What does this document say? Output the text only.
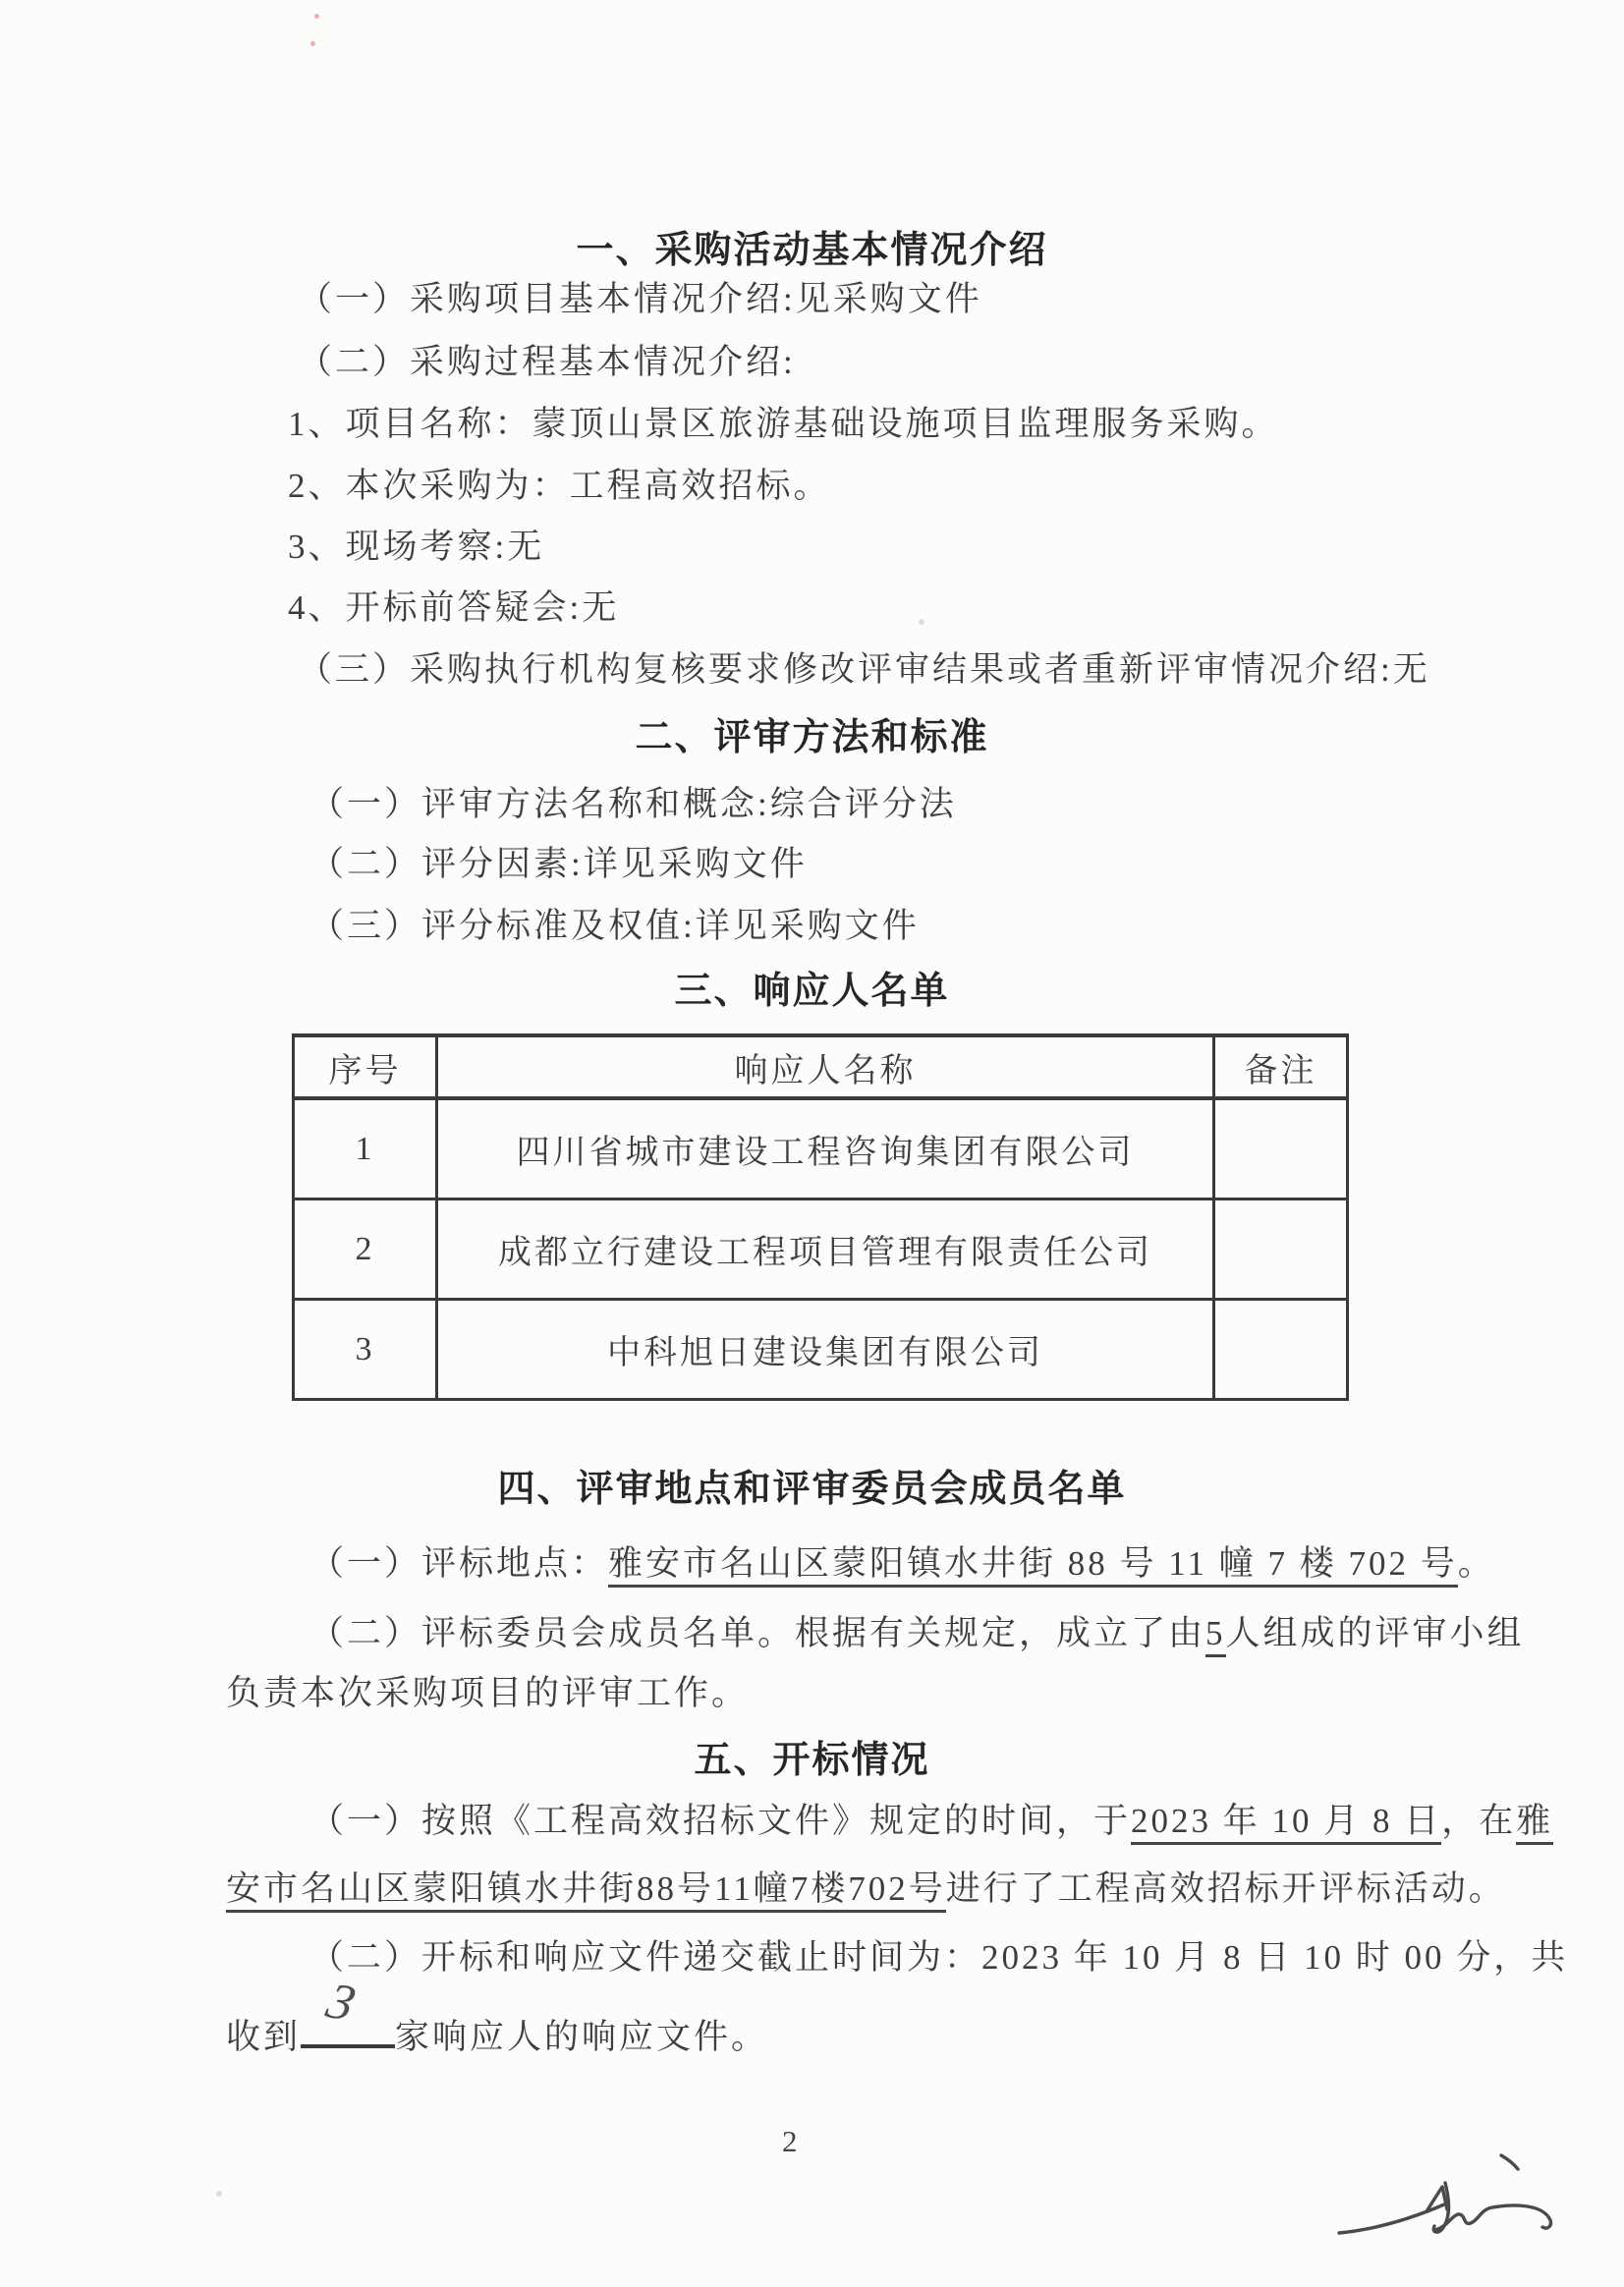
一、采购活动基本情况介绍
（一）采购项目基本情况介绍:见采购文件
（二）采购过程基本情况介绍:
1、项目名称：蒙顶山景区旅游基础设施项目监理服务采购。
2、本次采购为：工程高效招标。
3、现场考察:无
4、开标前答疑会:无
（三）采购执行机构复核要求修改评审结果或者重新评审情况介绍:无
二、评审方法和标准
（一）评审方法名称和概念:综合评分法
（二）评分因素:详见采购文件
（三）评分标准及权值:详见采购文件
三、响应人名单
序号	响应人名称	备注
1	四川省城市建设工程咨询集团有限公司	
2	成都立行建设工程项目管理有限责任公司	
3	中科旭日建设集团有限公司	
四、评审地点和评审委员会成员名单
（一）评标地点：雅安市名山区蒙阳镇水井街 88 号 11 幢 7 楼 702 号。
（二）评标委员会成员名单。根据有关规定，成立了由5人组成的评审小组
负责本次采购项目的评审工作。
五、开标情况
（一）按照《工程高效招标文件》规定的时间，于2023 年 10 月 8 日，在雅
安市名山区蒙阳镇水井街88号11幢7楼702号进行了工程高效招标开评标活动。
（二）开标和响应文件递交截止时间为：2023 年 10 月 8 日 10 时 00 分，共
收到
3
家响应人的响应文件。
2
